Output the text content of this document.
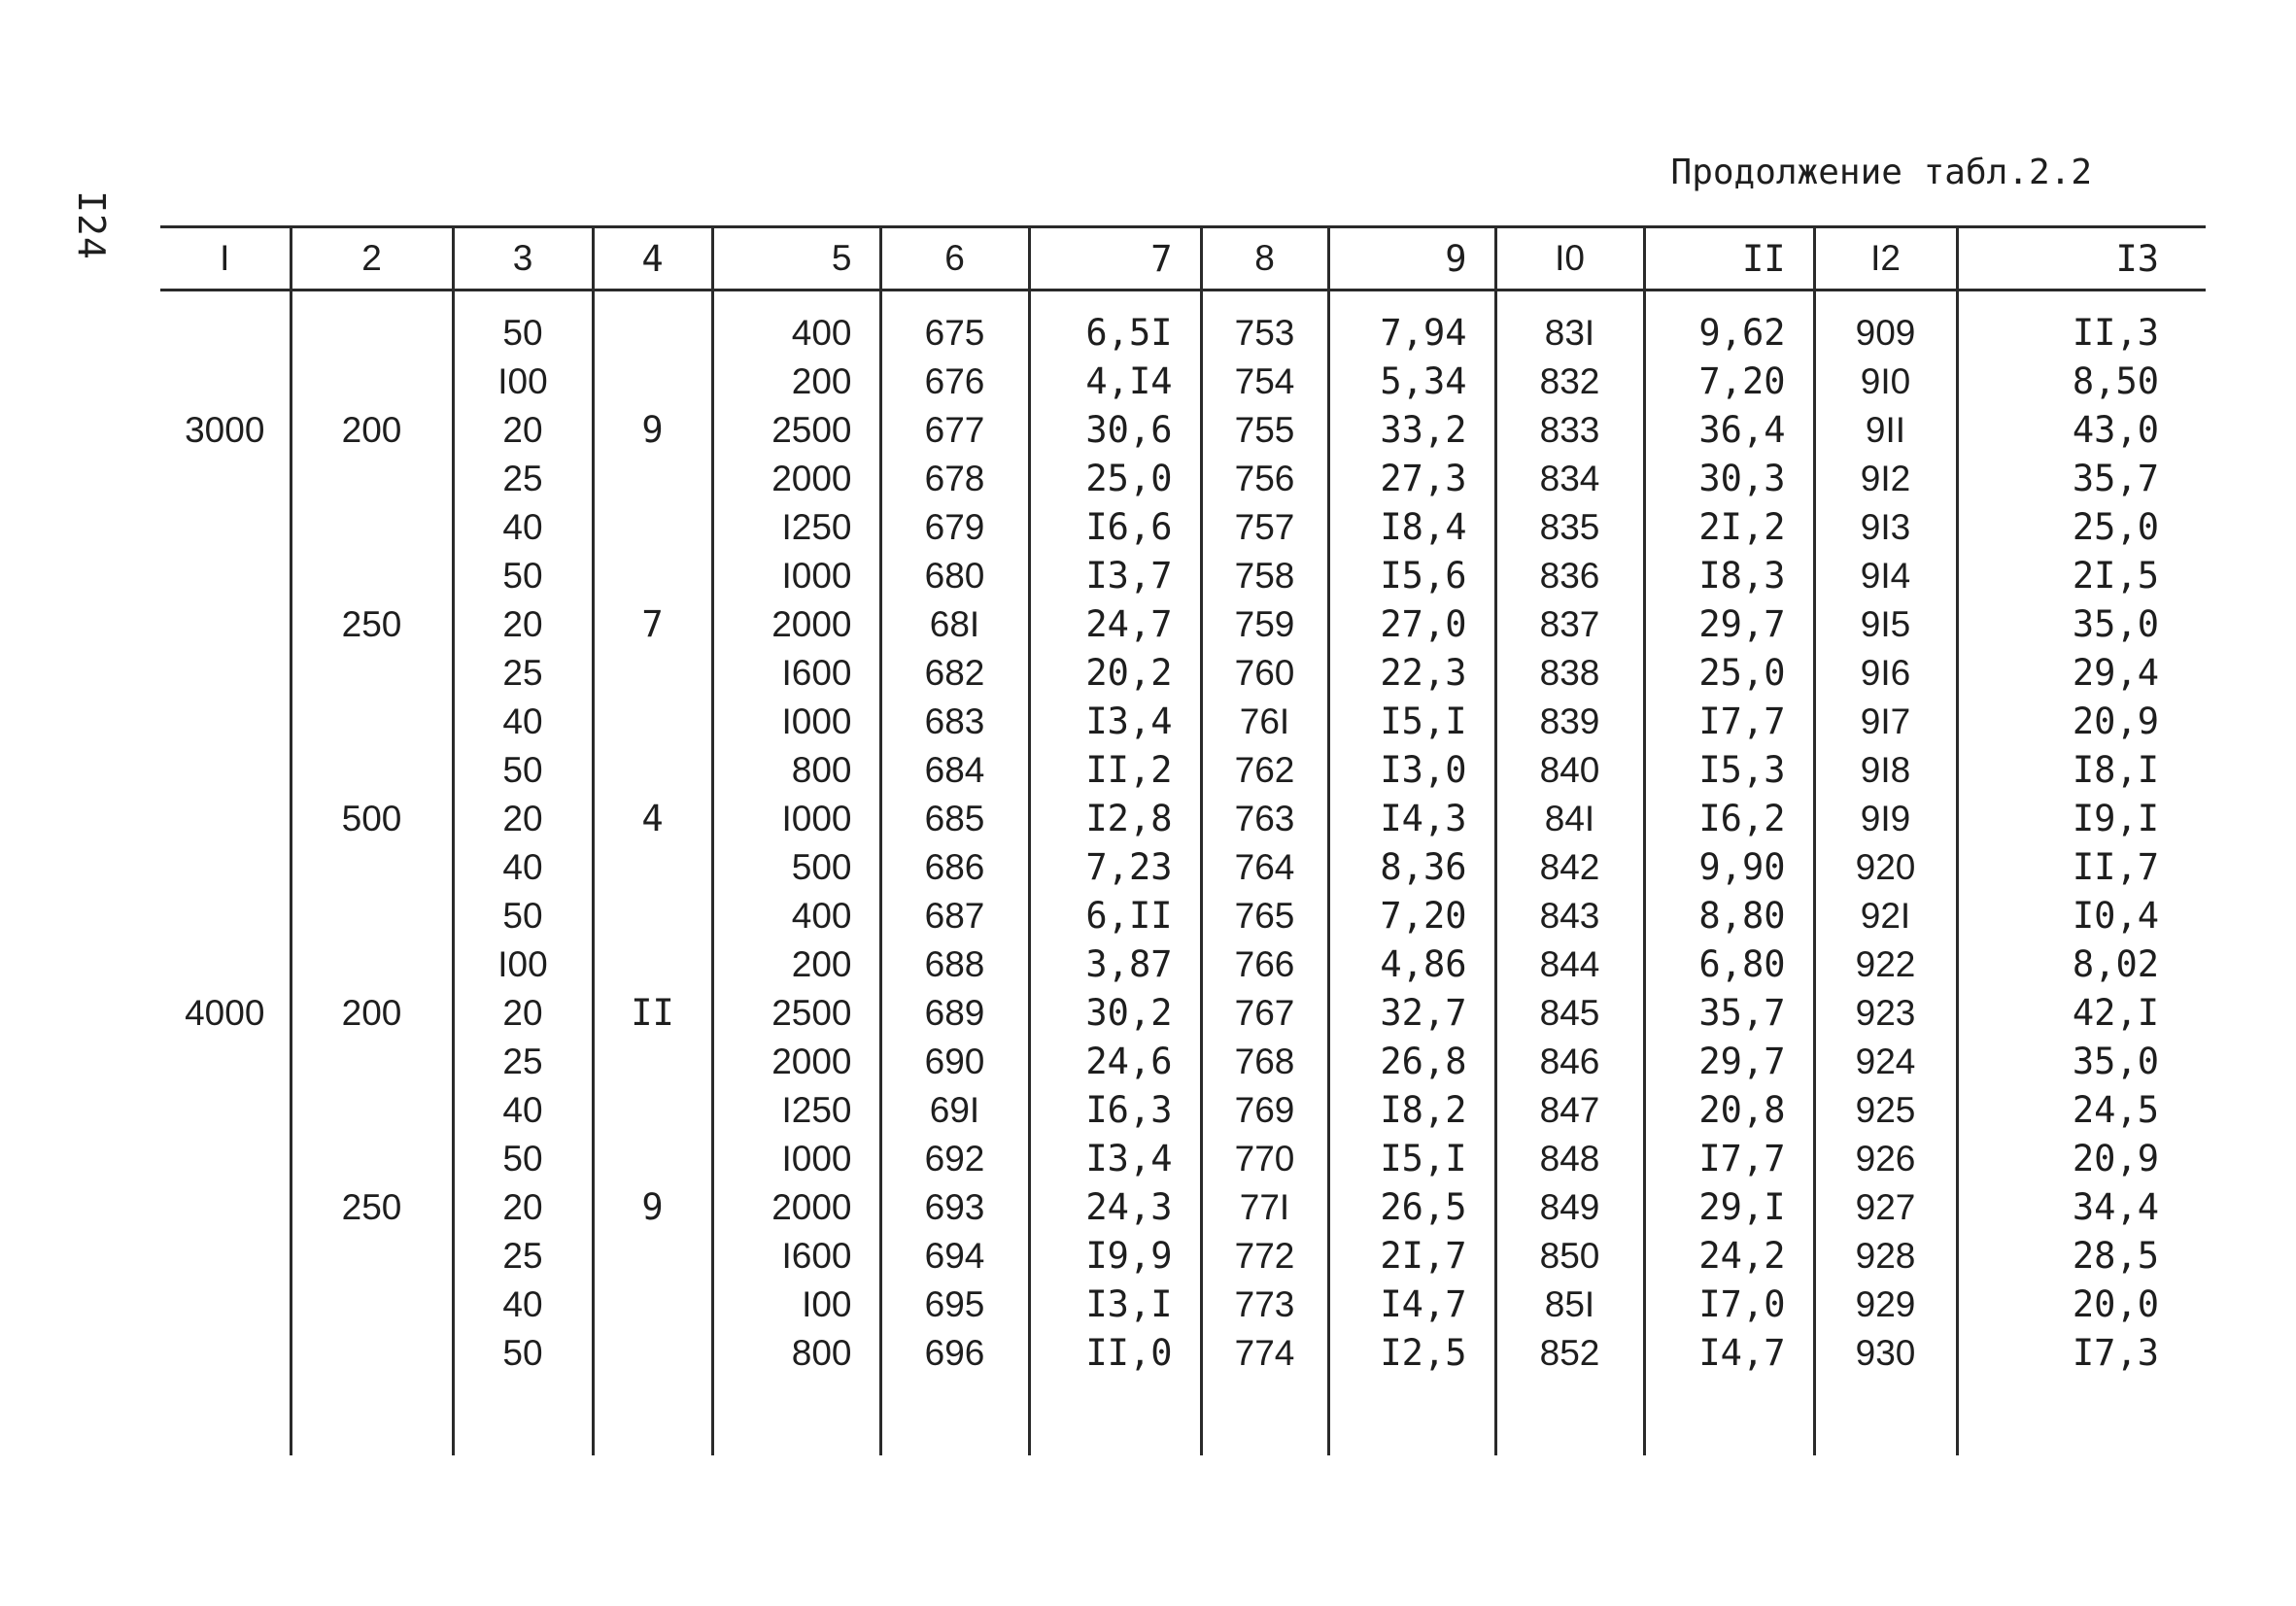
I24
Продолжение табл.2.2
I	2	3	4	5	6	7	8	9	I0	II	I2	I3
		50		400	675	6,5I	753	7,94	83I	9,62	909	II,3
		I00		200	676	4,I4	754	5,34	832	7,20	9I0	8,50
3000	200	20	9	2500	677	30,6	755	33,2	833	36,4	9II	43,0
		25		2000	678	25,0	756	27,3	834	30,3	9I2	35,7
		40		I250	679	I6,6	757	I8,4	835	2I,2	9I3	25,0
		50		I000	680	I3,7	758	I5,6	836	I8,3	9I4	2I,5
	250	20	7	2000	68I	24,7	759	27,0	837	29,7	9I5	35,0
		25		I600	682	20,2	760	22,3	838	25,0	9I6	29,4
		40		I000	683	I3,4	76I	I5,I	839	I7,7	9I7	20,9
		50		800	684	II,2	762	I3,0	840	I5,3	9I8	I8,I
	500	20	4	I000	685	I2,8	763	I4,3	84I	I6,2	9I9	I9,I
		40		500	686	7,23	764	8,36	842	9,90	920	II,7
		50		400	687	6,II	765	7,20	843	8,80	92I	I0,4
		I00		200	688	3,87	766	4,86	844	6,80	922	8,02
4000	200	20	II	2500	689	30,2	767	32,7	845	35,7	923	42,I
		25		2000	690	24,6	768	26,8	846	29,7	924	35,0
		40		I250	69I	I6,3	769	I8,2	847	20,8	925	24,5
		50		I000	692	I3,4	770	I5,I	848	I7,7	926	20,9
	250	20	9	2000	693	24,3	77I	26,5	849	29,I	927	34,4
		25		I600	694	I9,9	772	2I,7	850	24,2	928	28,5
		40		I00	695	I3,I	773	I4,7	85I	I7,0	929	20,0
		50		800	696	II,0	774	I2,5	852	I4,7	930	I7,3
